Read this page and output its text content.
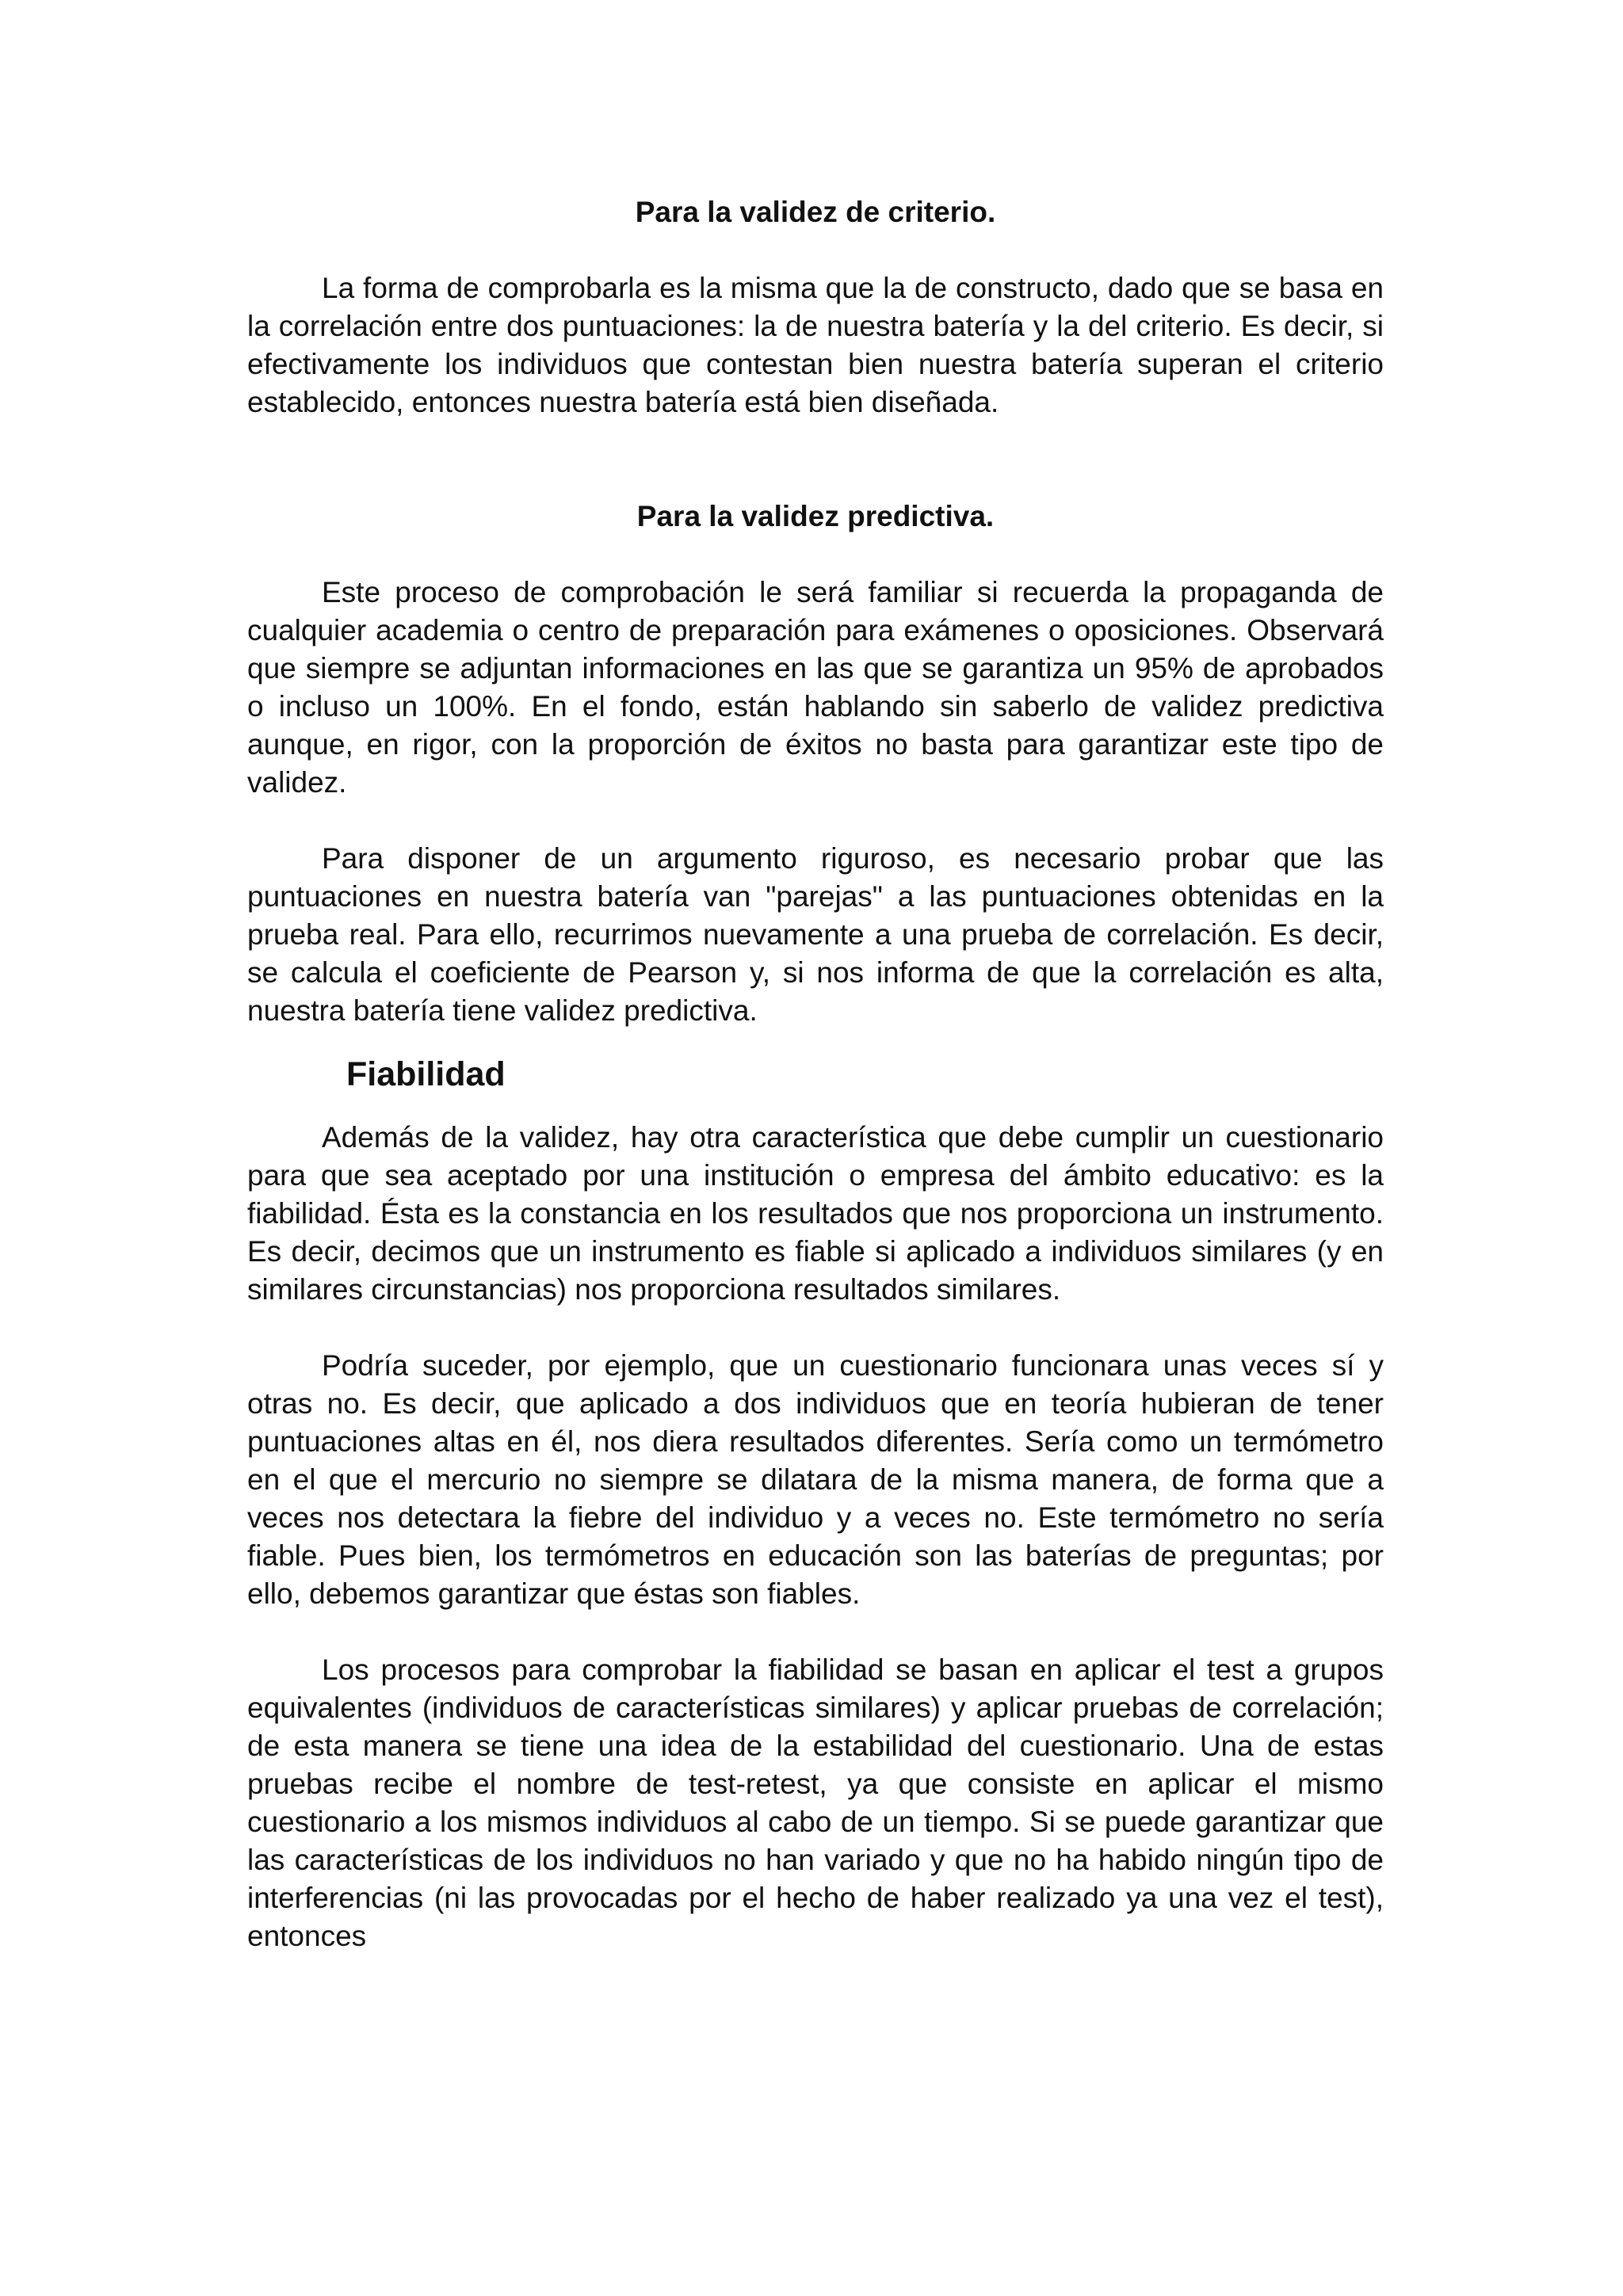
Para la validez de criterio.

La forma de comprobarla es la misma que la de constructo, dado que se basa en la correlación entre dos puntuaciones: la de nuestra batería y la del criterio. Es decir, si efectivamente los individuos que contestan bien nuestra batería superan el criterio establecido, entonces nuestra batería está bien diseñada.

Para la validez predictiva.

Este proceso de comprobación le será familiar si recuerda la propaganda de cualquier academia o centro de preparación para exámenes o oposiciones. Observará que siempre se adjuntan informaciones en las que se garantiza un 95% de aprobados o incluso un 100%. En el fondo, están hablando sin saberlo de validez predictiva aunque, en rigor, con la proporción de éxitos no basta para garantizar este tipo de validez.

Para disponer de un argumento riguroso, es necesario probar que las puntuaciones en nuestra batería van "parejas" a las puntuaciones obtenidas en la prueba real. Para ello, recurrimos nuevamente a una prueba de correlación. Es decir, se calcula el coeficiente de Pearson y, si nos informa de que la correlación es alta, nuestra batería tiene validez predictiva.

Fiabilidad

Además de la validez, hay otra característica que debe cumplir un cuestionario para que sea aceptado por una institución o empresa del ámbito educativo: es la fiabilidad. Ésta es la constancia en los resultados que nos proporciona un instrumento. Es decir, decimos que un instrumento es fiable si aplicado a individuos similares (y en similares circunstancias) nos proporciona resultados similares.

Podría suceder, por ejemplo, que un cuestionario funcionara unas veces sí y otras no. Es decir, que aplicado a dos individuos que en teoría hubieran de tener puntuaciones altas en él, nos diera resultados diferentes. Sería como un termómetro en el que el mercurio no siempre se dilatara de la misma manera, de forma que a veces nos detectara la fiebre del individuo y a veces no. Este termómetro no sería fiable. Pues bien, los termómetros en educación son las baterías de preguntas; por ello, debemos garantizar que éstas son fiables.

Los procesos para comprobar la fiabilidad se basan en aplicar el test a grupos equivalentes (individuos de características similares) y aplicar pruebas de correlación; de esta manera se tiene una idea de la estabilidad del cuestionario. Una de estas pruebas recibe el nombre de test-retest, ya que consiste en aplicar el mismo cuestionario a los mismos individuos al cabo de un tiempo. Si se puede garantizar que las características de los individuos no han variado y que no ha habido ningún tipo de interferencias (ni las provocadas por el hecho de haber realizado ya una vez el test), entonces
